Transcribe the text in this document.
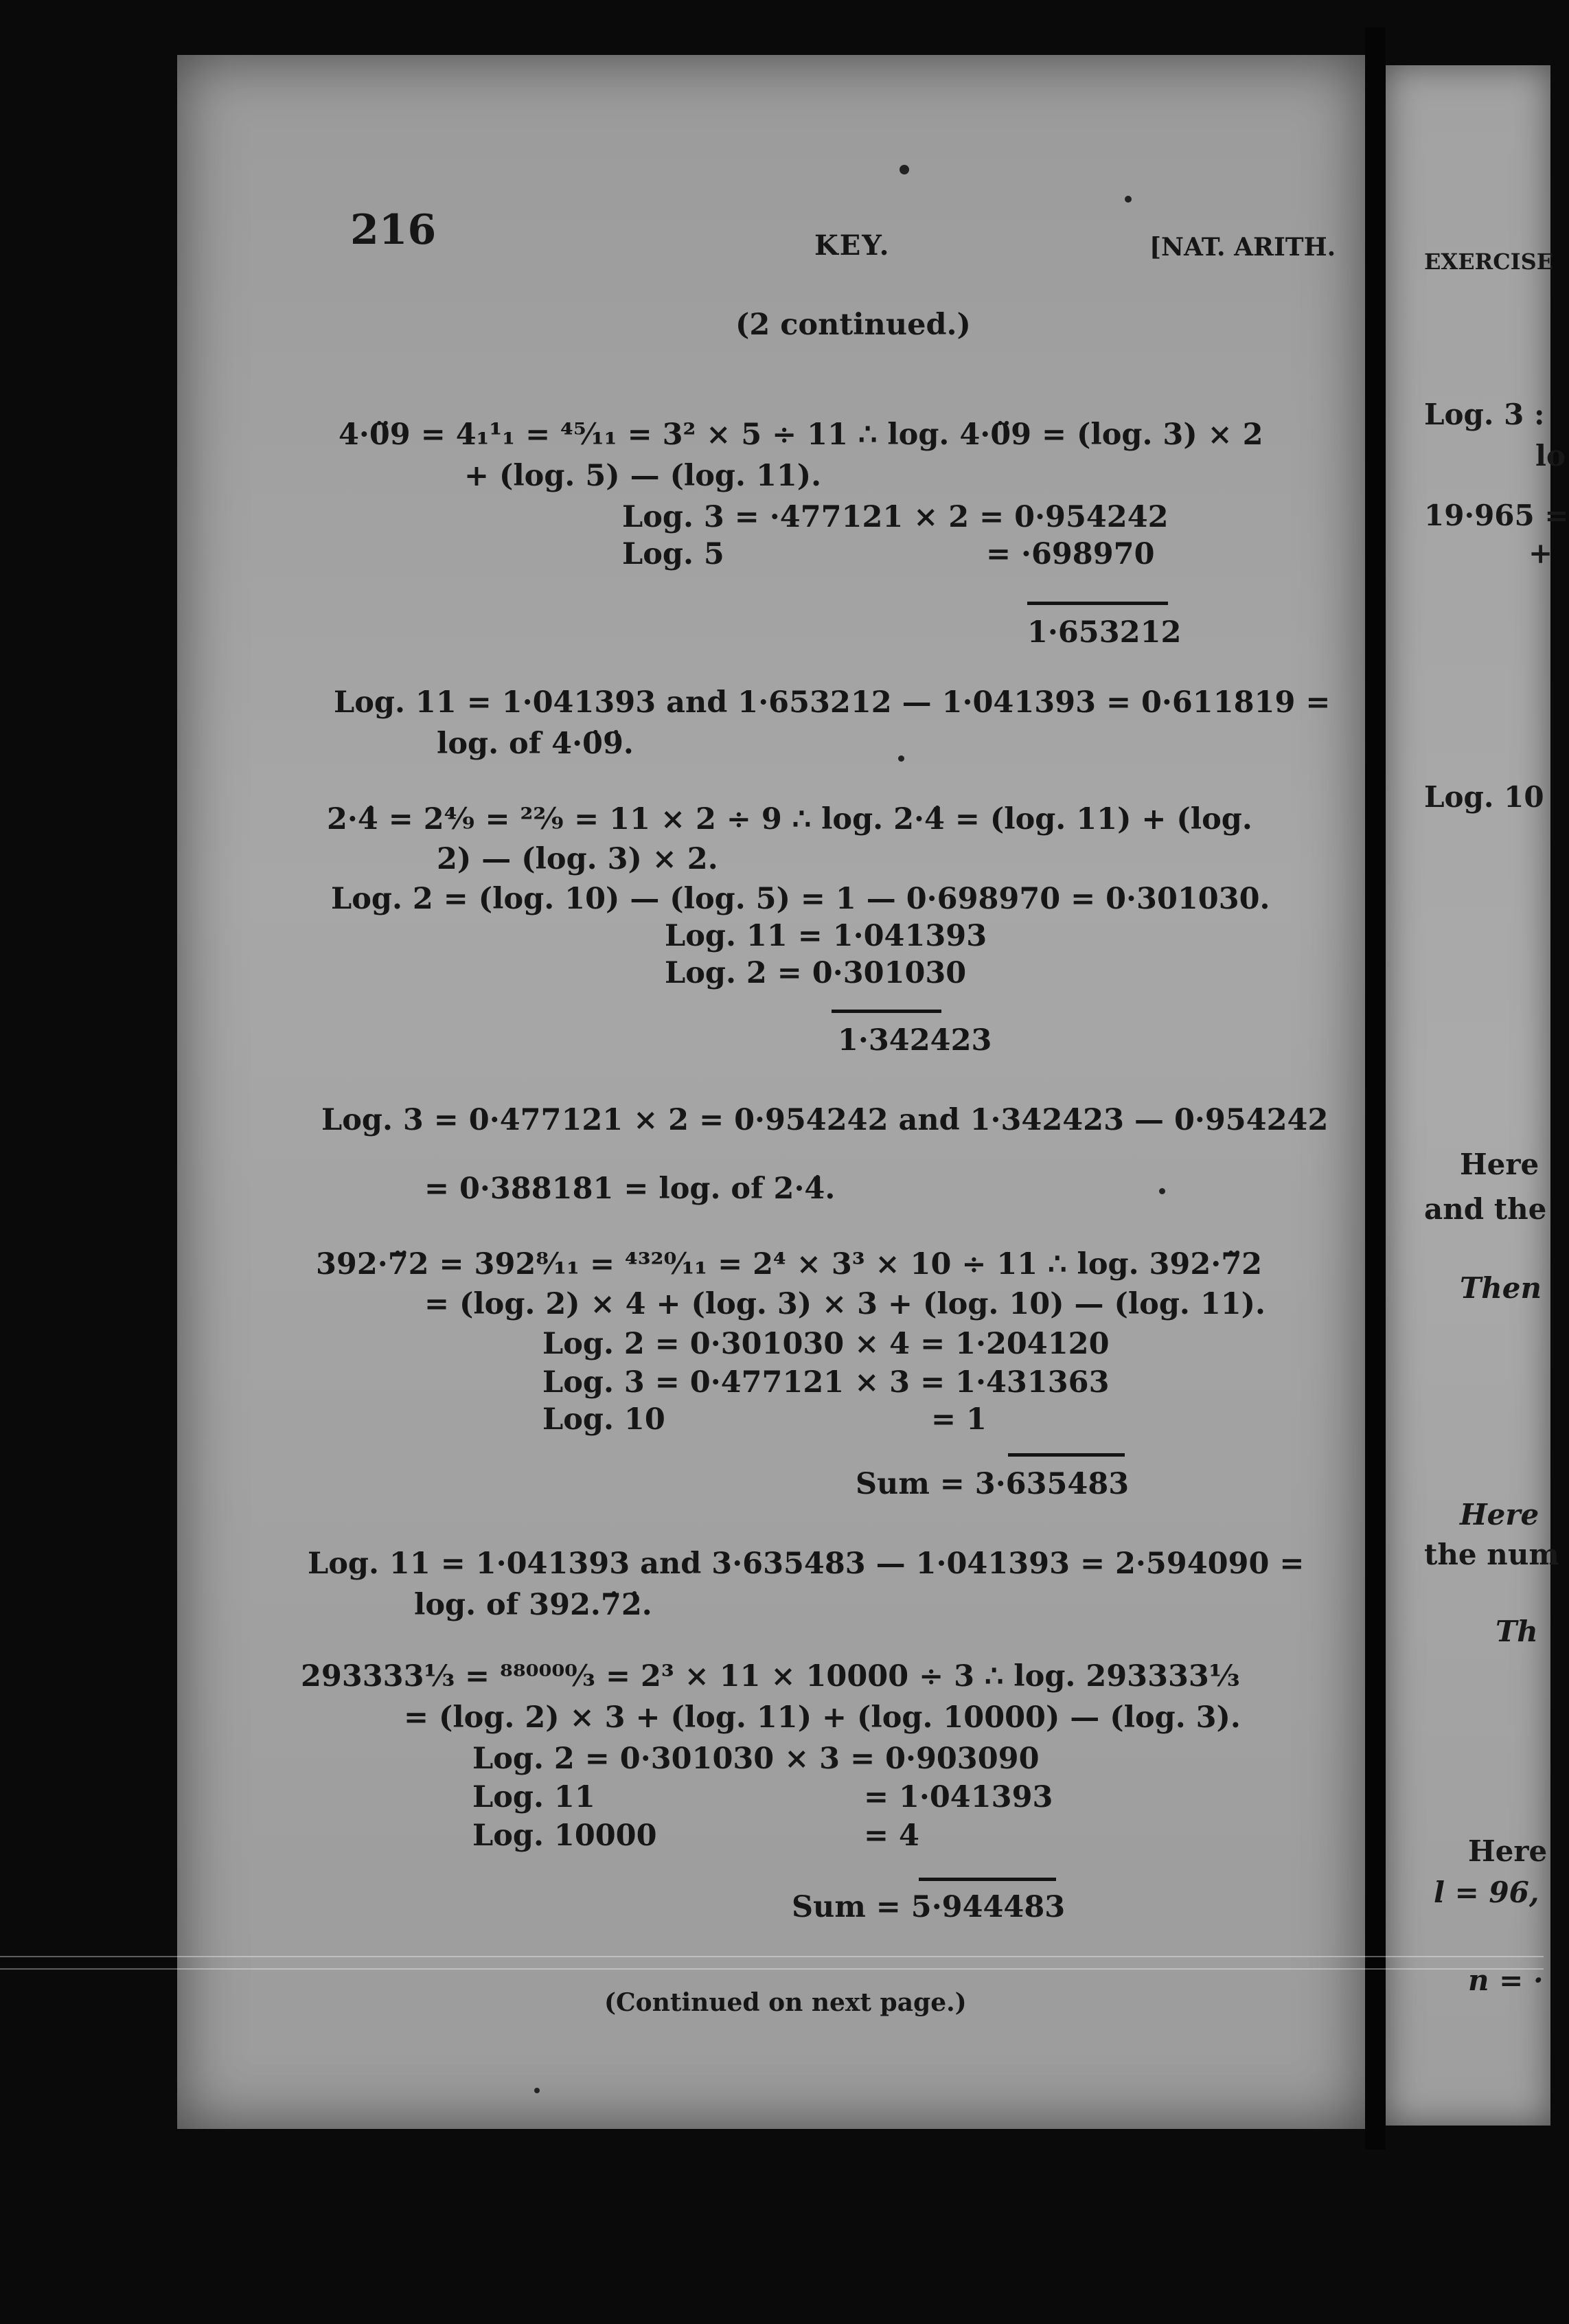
216	KEY.	[NAT. ARITH.
(2 continued.)
4·0̈9 = 4₁¹₁ = ⁴⁵⁄₁₁ = 3² × 5 ÷ 11 ∴ log. 4·0̈9 = (log. 3) × 2
+ (log. 5) — (log. 11).
Log. 3 = ·477121 × 2 = 0·954242
Log. 5	= ·698970
1·653212
Log. 11 = 1·041393 and 1·653212 — 1·041393 = 0·611819 =
log. of 4·0̇9̇.
2·4̇ = 2⁴⁄₉ = ²²⁄₉ = 11 × 2 ÷ 9 ∴ log. 2·4̇ = (log. 11) + (log.
2) — (log. 3) × 2.
Log. 2 = (log. 10) — (log. 5) = 1 — 0·698970 = 0·301030.
Log. 11 = 1·041393
Log. 2 = 0·301030
1·342423
Log. 3 = 0·477121 × 2 = 0·954242 and 1·342423 — 0·954242
= 0·388181 = log. of 2·4̇.
392·7̈2 = 392⁸⁄₁₁ = ⁴³²⁰⁄₁₁ = 2⁴ × 3³ × 10 ÷ 11 ∴ log. 392·7̈2
= (log. 2) × 4 + (log. 3) × 3 + (log. 10) — (log. 11).
Log. 2 = 0·301030 × 4 = 1·204120
Log. 3 = 0·477121 × 3 = 1·431363
Log. 10	= 1
Sum = 3·635483
Log. 11 = 1·041393 and 3·635483 — 1·041393 = 2·594090 =
log. of 392.7̇2̇.
293333⅓ = ⁸⁸⁰⁰⁰⁰⁄₃ = 2³ × 11 × 10000 ÷ 3 ∴ log. 293333⅓
= (log. 2) × 3 + (log. 11) + (log. 10000) — (log. 3).
Log. 2 = 0·301030 × 3 = 0·903090
Log. 11	= 1·041393
Log. 10000	= 4
Sum = 5·944483
(Continued on next page.)
EXERCISE
Log. 3 :
lo
19·965 =
+
Log. 10
Here
and the
Then
Here
the num
Th
Here
l = 96,
n = ·
